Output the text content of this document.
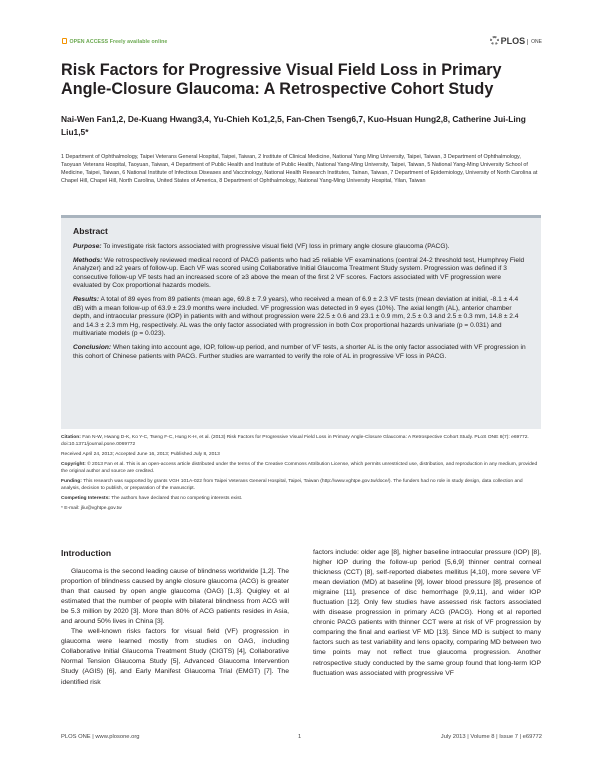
OPEN ACCESS Freely available online	PLOS ONE
Risk Factors for Progressive Visual Field Loss in Primary Angle-Closure Glaucoma: A Retrospective Cohort Study
Nai-Wen Fan1,2, De-Kuang Hwang3,4, Yu-Chieh Ko1,2,5, Fan-Chen Tseng6,7, Kuo-Hsuan Hung2,8, Catherine Jui-Ling Liu1,5*
1 Department of Ophthalmology, Taipei Veterans General Hospital, Taipei, Taiwan, 2 Institute of Clinical Medicine, National Yang Ming University, Taipei, Taiwan, 3 Department of Ophthalmology, Taoyuan Veterans Hospital, Taoyuan, Taiwan, 4 Department of Public Health and Institute of Public Health, National Yang-Ming University, Taipei, Taiwan, 5 National Yang-Ming University School of Medicine, Taipei, Taiwan, 6 National Institute of Infectious Diseases and Vaccinology, National Health Research Institutes, Tainan, Taiwan, 7 Department of Epidemiology, University of North Carolina at Chapel Hill, Chapel Hill, North Carolina, United States of America, 8 Department of Ophthalmology, National Yang-Ming University Hospital, Yilan, Taiwan
Abstract

Purpose: To investigate risk factors associated with progressive visual field (VF) loss in primary angle closure glaucoma (PACG).

Methods: We retrospectively reviewed medical record of PACG patients who had ≥5 reliable VF examinations (central 24-2 threshold test, Humphrey Field Analyzer) and ≥2 years of follow-up. Each VF was scored using Collaborative Initial Glaucoma Treatment Study system. Progression was defined if 3 consecutive follow-up VF tests had an increased score of ≥3 above the mean of the first 2 VF scores. Factors associated with VF progression were evaluated by Cox proportional hazards models.

Results: A total of 89 eyes from 89 patients (mean age, 69.8 ± 7.9 years), who received a mean of 6.9 ± 2.3 VF tests (mean deviation at initial, -8.1 ± 4.4 dB) with a mean follow-up of 63.9 ± 23.9 months were included. VF progression was detected in 9 eyes (10%). The axial length (AL), anterior chamber depth, and intraocular pressure (IOP) in patients with and without progression were 22.5 ± 0.6 and 23.1 ± 0.9 mm, 2.5 ± 0.3 and 2.5 ± 0.3 mm, 14.8 ± 2.4 and 14.3 ± 2.3 mm Hg, respectively. AL was the only factor associated with progression in both Cox proportional hazards univariate (p = 0.031) and multivariate models (p = 0.023).

Conclusion: When taking into account age, IOP, follow-up period, and number of VF tests, a shorter AL is the only factor associated with VF progression in this cohort of Chinese patients with PACG. Further studies are warranted to verify the role of AL in progressive VF loss in PACG.

Citation: Fan N-W, Hwang D-K, Ko Y-C, Tseng F-C, Hung K-H, et al. (2013) Risk Factors for Progressive Visual Field Loss in Primary Angle-Closure Glaucoma: A Retrospective Cohort Study. PLoS ONE 8(7): e69772. doi:10.1371/journal.pone.0069772

Received April 24, 2013; Accepted June 16, 2013; Published July 8, 2013

Copyright: © 2013 Fan et al. This is an open-access article distributed under the terms of the Creative Commons Attribution License, which permits unrestricted use, distribution, and reproduction in any medium, provided the original author and source are credited.

Funding: This research was supported by grants VGH 101A-022 from Taipei Veterans General Hospital, Taipei, Taiwan (http://www.vghtpe.gov.tw/doce/). The funders had no role in study design, data collection and analysis, decision to publish, or preparation of the manuscript.

Competing Interests: The authors have declared that no competing interests exist.

* E-mail: jliu@vghtpe.gov.tw

Introduction

Glaucoma is the second leading cause of blindness worldwide [1,2]. The proportion of blindness caused by angle closure glaucoma (ACG) is greater than that caused by open angle glaucoma (OAG) [1,3]. Quigley et al estimated that the number of people with bilateral blindness from ACG will be 5.3 million by 2020 [3]. More than 80% of ACG patients resides in Asia, and around 50% lives in China [3].

The well-known risks factors for visual field (VF) progression in glaucoma were learned mostly from studies on OAG, including Collaborative Initial Glaucoma Treatment Study (CIGTS) [4], Collaborative Normal Tension Glaucoma Study [5], Advanced Glaucoma Intervention Study (AGIS) [6], and Early Manifest Glaucoma Trial (EMGT) [7]. The identified risk

factors include: older age [8], higher baseline intraocular pressure (IOP) [8], higher IOP during the follow-up period [5,6,9] thinner central corneal thickness (CCT) [8], self-reported diabetes mellitus [4,10], more severe VF mean deviation (MD) at baseline [9], lower blood pressure [8], presence of migraine [11], presence of disc hemorrhage [9,9,11], and wider IOP fluctuation [12]. Only few studies have assessed risk factors associated with disease progression in primary ACG (PACG). Hong et al reported chronic PACG patients with thinner CCT were at risk of VF progression by comparing the final and earliest VF MD [13]. Since MD is subject to many factors such as test variability and lens opacity, comparing MD between two time points may not reflect true glaucoma progression. Another retrospective study conducted by the same group found that long-term IOP fluctuation was associated with progressive VF

PLOS ONE | www.plosone.org	1	July 2013 | Volume 8 | Issue 7 | e69772
